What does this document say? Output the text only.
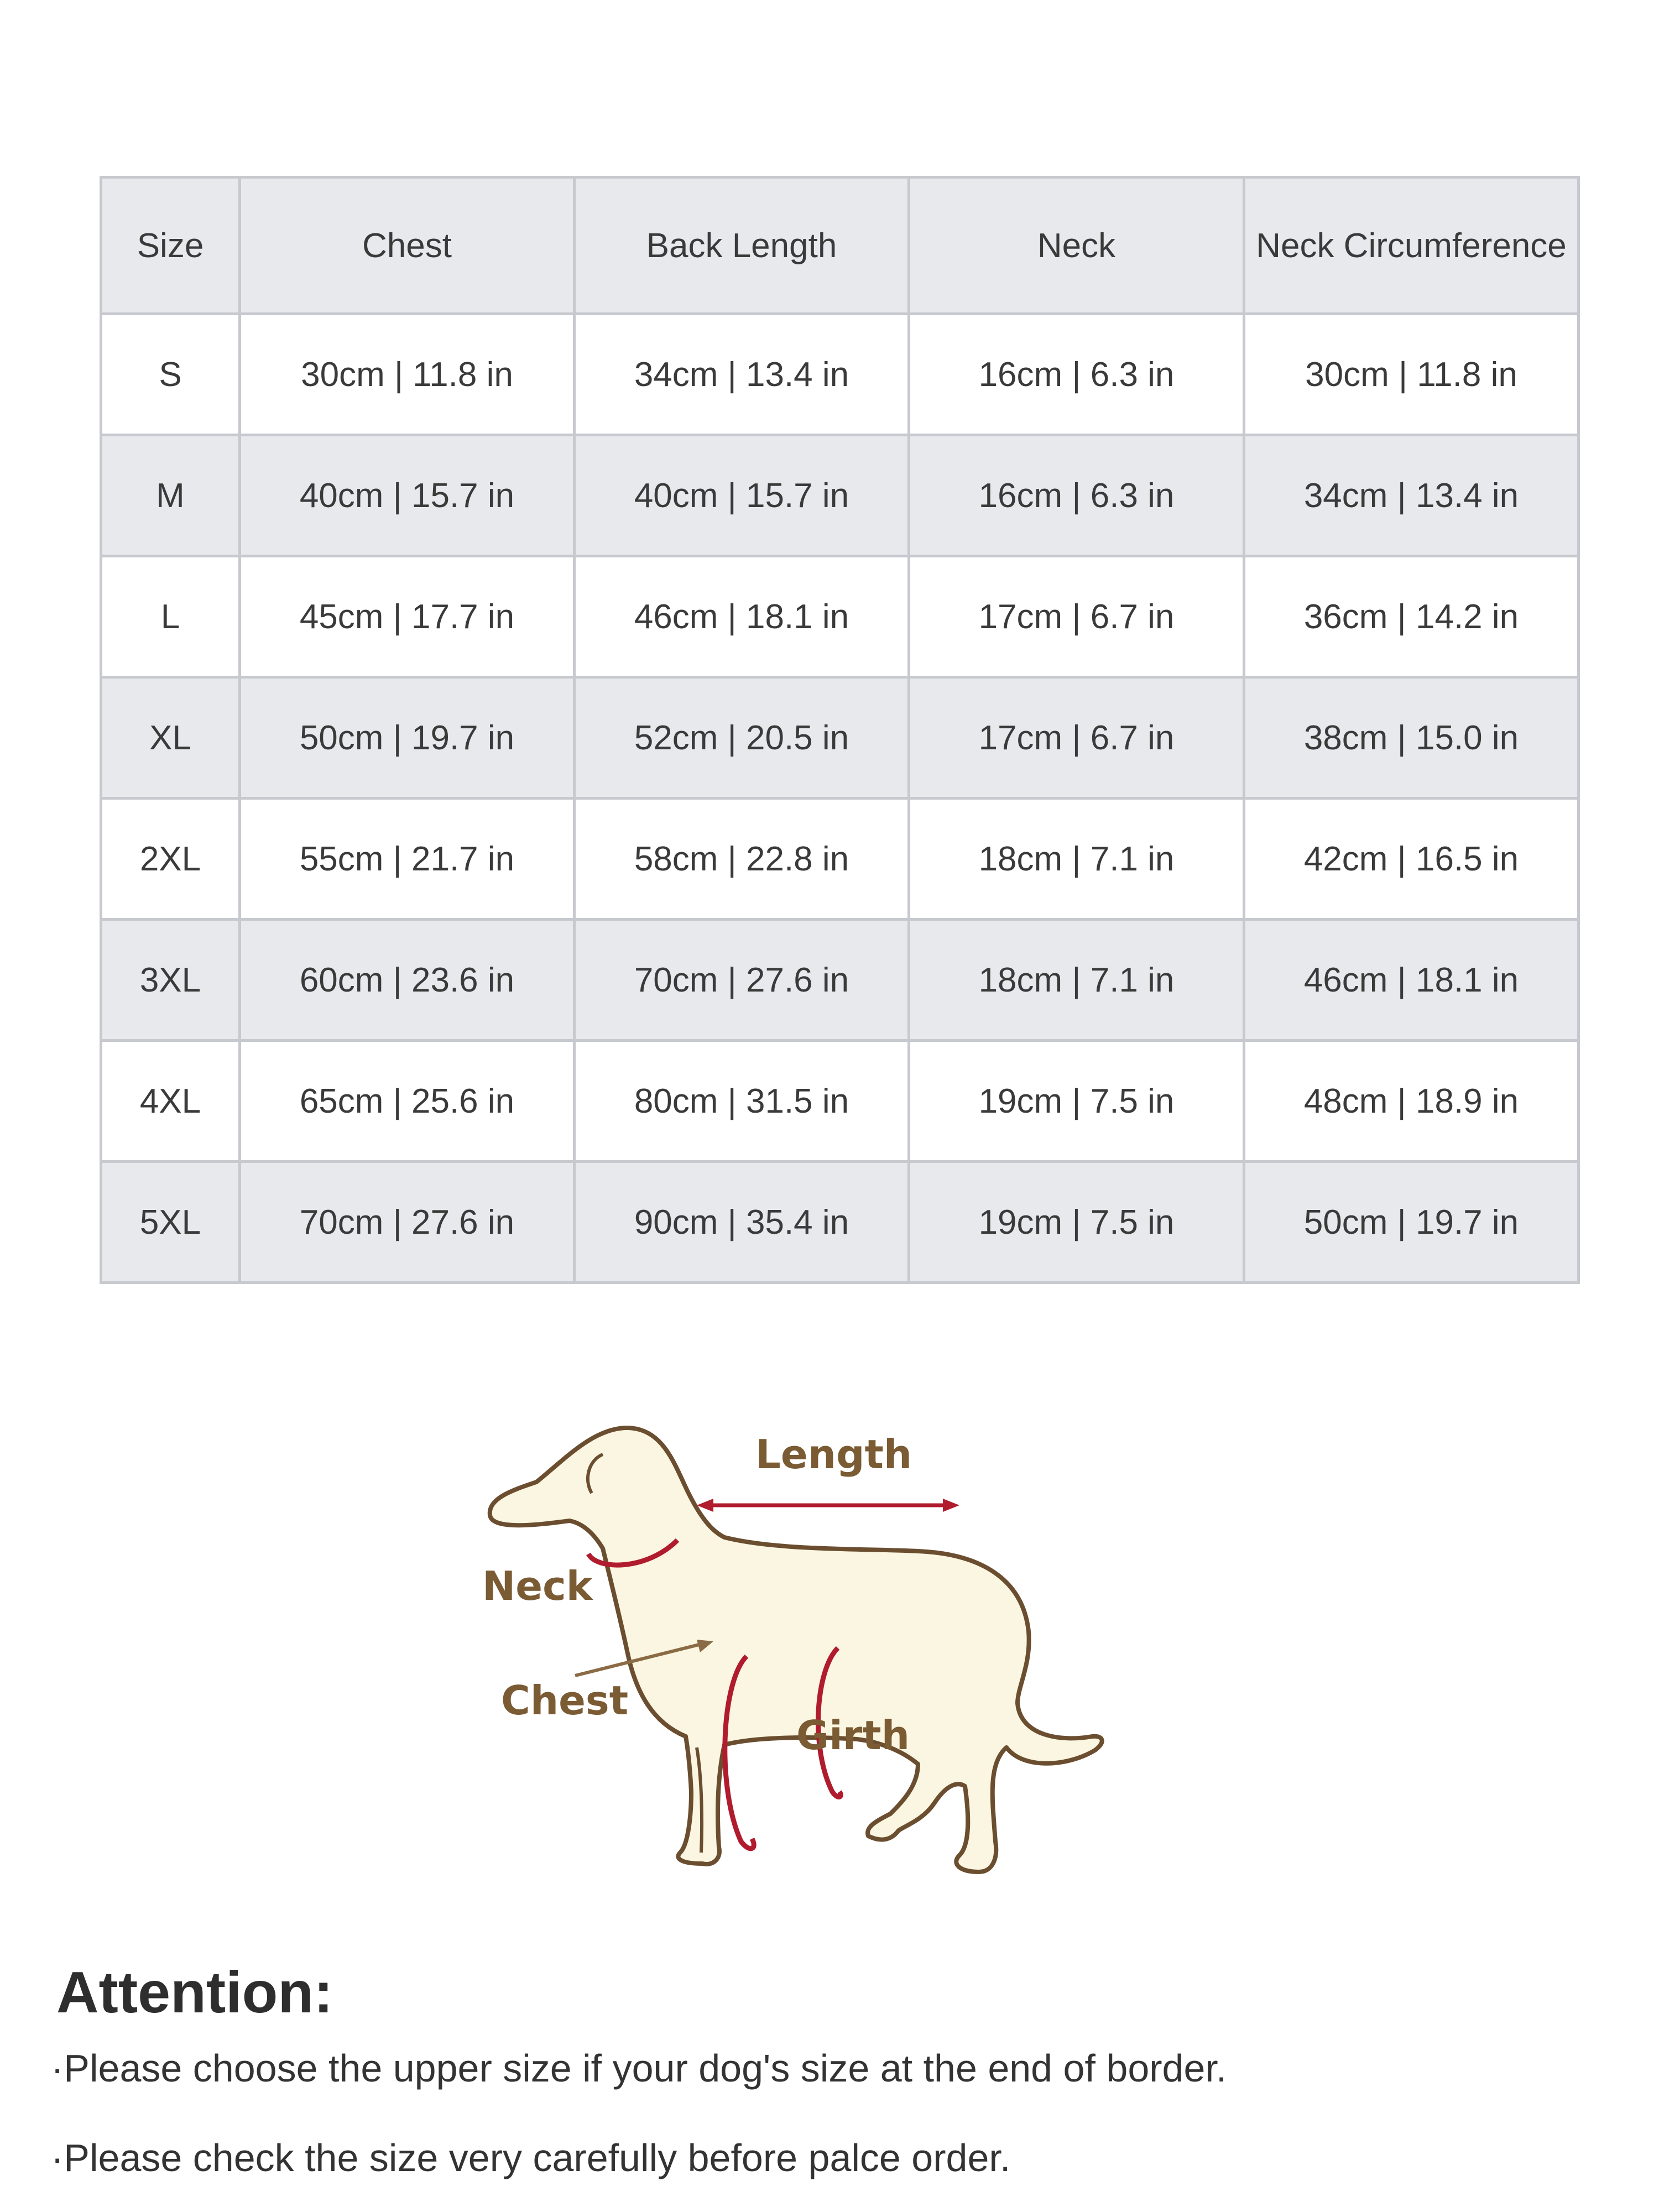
Size	Chest	Back Length	Neck	Neck Circumference
S	30cm | 11.8 in	34cm | 13.4 in	16cm | 6.3 in	30cm | 11.8 in
M	40cm | 15.7 in	40cm | 15.7 in	16cm | 6.3 in	34cm | 13.4 in
L	45cm | 17.7 in	46cm | 18.1 in	17cm | 6.7 in	36cm | 14.2 in
XL	50cm | 19.7 in	52cm | 20.5 in	17cm | 6.7 in	38cm | 15.0 in
2XL	55cm | 21.7 in	58cm | 22.8 in	18cm | 7.1 in	42cm | 16.5 in
3XL	60cm | 23.6 in	70cm | 27.6 in	18cm | 7.1 in	46cm | 18.1 in
4XL	65cm | 25.6 in	80cm | 31.5 in	19cm | 7.5 in	48cm | 18.9 in
5XL	70cm | 27.6 in	90cm | 35.4 in	19cm | 7.5 in	50cm | 19.7 in
Length
Neck
Chest
Girth
Attention:

·Please choose the upper size if your dog's size at the end of border.

·Please check the size very carefully before palce order.
